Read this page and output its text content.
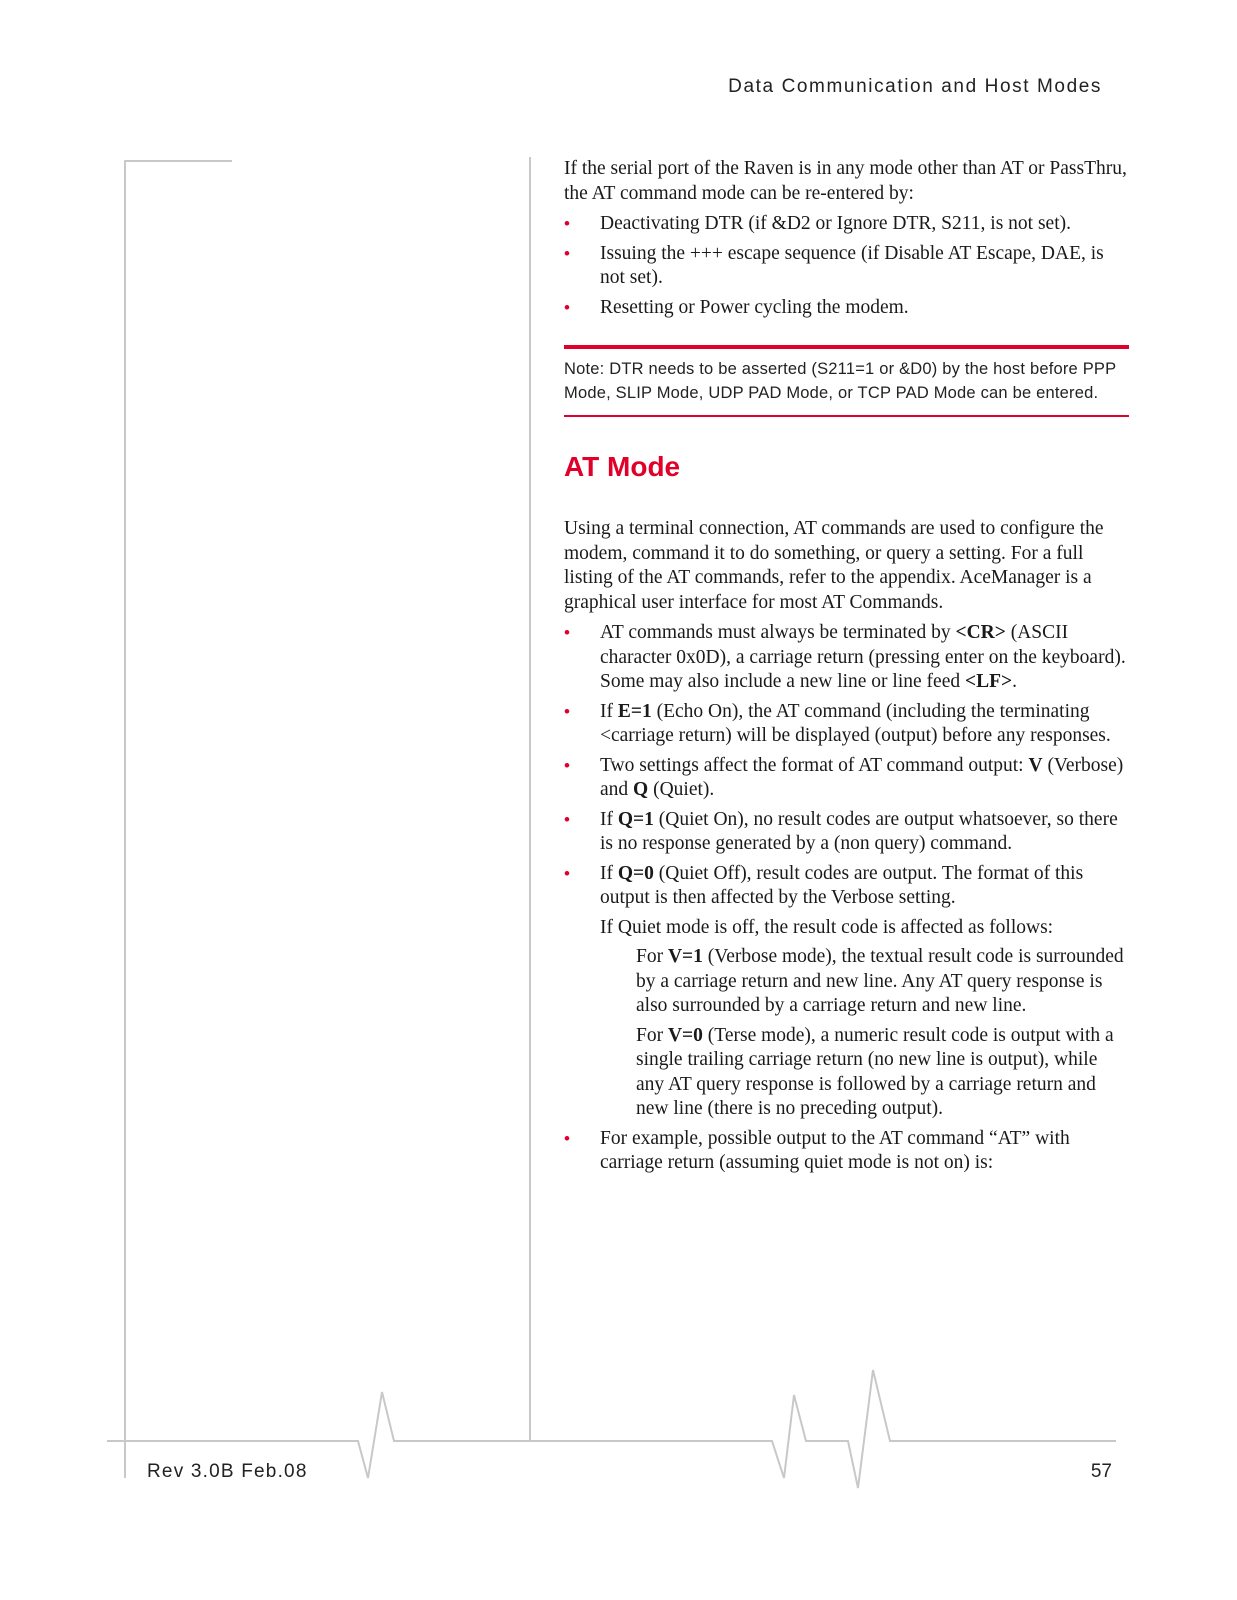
Data Communication and Host Modes

If the serial port of the Raven is in any mode other than AT or PassThru, the AT command mode can be re-entered by:

• Deactivating DTR (if &D2 or Ignore DTR, S211, is not set).
• Issuing the +++ escape sequence (if Disable AT Escape, DAE, is not set).
• Resetting or Power cycling the modem.
Note: DTR needs to be asserted (S211=1 or &D0) by the host before PPP Mode, SLIP Mode, UDP PAD Mode, or TCP PAD Mode can be entered.
AT Mode

Using a terminal connection, AT commands are used to configure the modem, command it to do something, or query a setting. For a full listing of the AT commands, refer to the appendix. AceManager is a graphical user interface for most AT Commands.

• AT commands must always be terminated by <CR> (ASCII character 0x0D), a carriage return (pressing enter on the keyboard). Some may also include a new line or line feed <LF>.
• If E=1 (Echo On), the AT command (including the terminating <carriage return) will be displayed (output) before any responses.
• Two settings affect the format of AT command output: V (Verbose) and Q (Quiet).
• If Q=1 (Quiet On), no result codes are output whatsoever, so there is no response generated by a (non query) command.
• If Q=0 (Quiet Off), result codes are output. The format of this output is then affected by the Verbose setting.
If Quiet mode is off, the result code is affected as follows:
For V=1 (Verbose mode), the textual result code is surrounded by a carriage return and new line. Any AT query response is also surrounded by a carriage return and new line.
For V=0 (Terse mode), a numeric result code is output with a single trailing carriage return (no new line is output), while any AT query response is followed by a carriage return and new line (there is no preceding output).
• For example, possible output to the AT command “AT” with carriage return (assuming quiet mode is not on) is:
Rev 3.0B Feb.08	57
